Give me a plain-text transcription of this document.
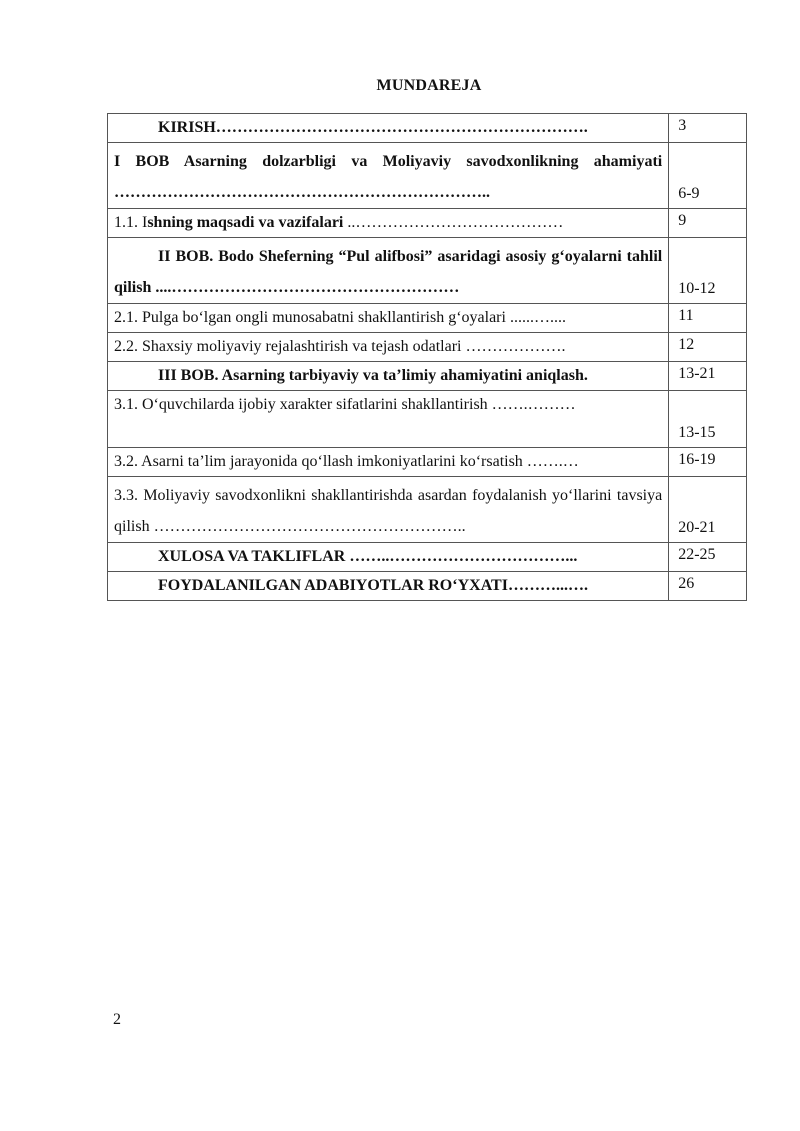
MUNDAREJA
KIRISH…………………………………………………………….	3
I BOB Asarning dolzarbligi va Moliyaviy savodxonlikning ahamiyati ……………………………………………………………..	6-9
1.1. Ishning maqsadi va vazifalari ..…………………………………	9
II BOB. Bodo Sheferning “Pul alifbosi” asaridagi asosiy g‘oyalarni tahlil qilish ....………………………………………………	10-12
2.1. Pulga bo‘lgan ongli munosabatni shakllantirish g‘oyalari ......…....	11
2.2. Shaxsiy moliyaviy rejalashtirish va tejash odatlari ……………….	12
III BOB. Asarning tarbiyaviy va ta’limiy ahamiyatini aniqlash.	13-21
3.1. O‘quvchilarda ijobiy xarakter sifatlarini shakllantirish …….………	13-15
3.2. Asarni ta’lim jarayonida qo‘llash imkoniyatlarini ko‘rsatish …….…	16-19
3.3. Moliyaviy savodxonlikni shakllantirishda asardan foydalanish yo‘llarini tavsiya qilish …………………………………………………..	20-21
XULOSA VA TAKLIFLAR ……..……………………………...	22-25
FOYDALANILGAN ADABIYOTLAR RO‘YXATI………...….	26
2
